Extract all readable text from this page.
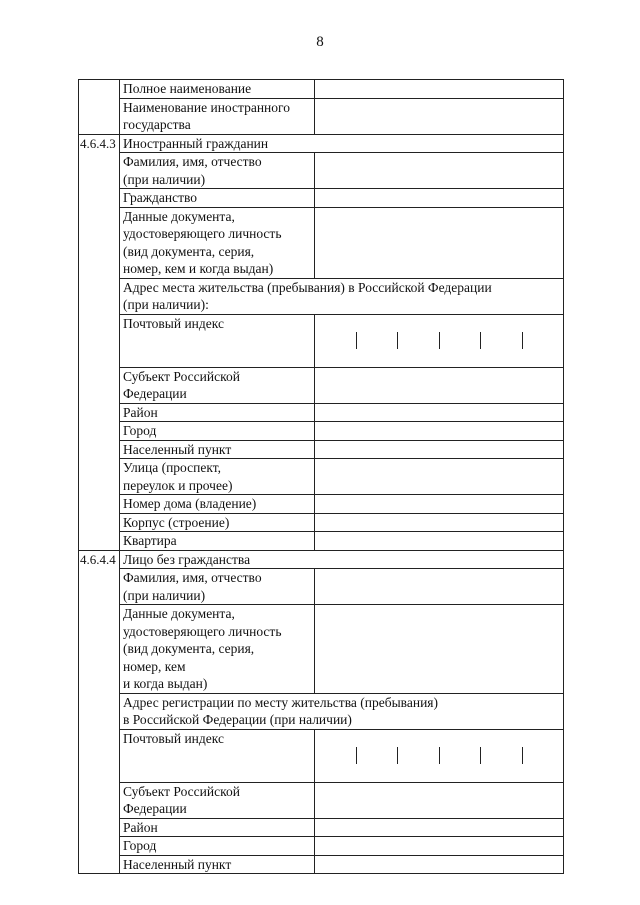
8
	Полное наименование	
	Наименование иностранного
государства	
4.6.4.3	Иностранный гражданин	
	Фамилия, имя, отчество
(при наличии)	
	Гражданство	
	Данные документа,
удостоверяющего личность
(вид документа, серия,
номер, кем и когда выдан)	
	Адрес места жительства (пребывания) в Российской Федерации
(при наличии):	
	Почтовый индекс	

	Субъект Российской
Федерации	
	Район	
	Город	
	Населенный пункт	
	Улица (проспект,
переулок и прочее)	
	Номер дома (владение)	
	Корпус (строение)	
	Квартира	
4.6.4.4	Лицо без гражданства	
	Фамилия, имя, отчество
(при наличии)	
	Данные документа,
удостоверяющего личность
(вид документа, серия,
номер, кем
и когда выдан)	
	Адрес регистрации по месту жительства (пребывания)
в Российской Федерации (при наличии)	
	Почтовый индекс	

	Субъект Российской
Федерации	
	Район	
	Город	
	Населенный пункт	
